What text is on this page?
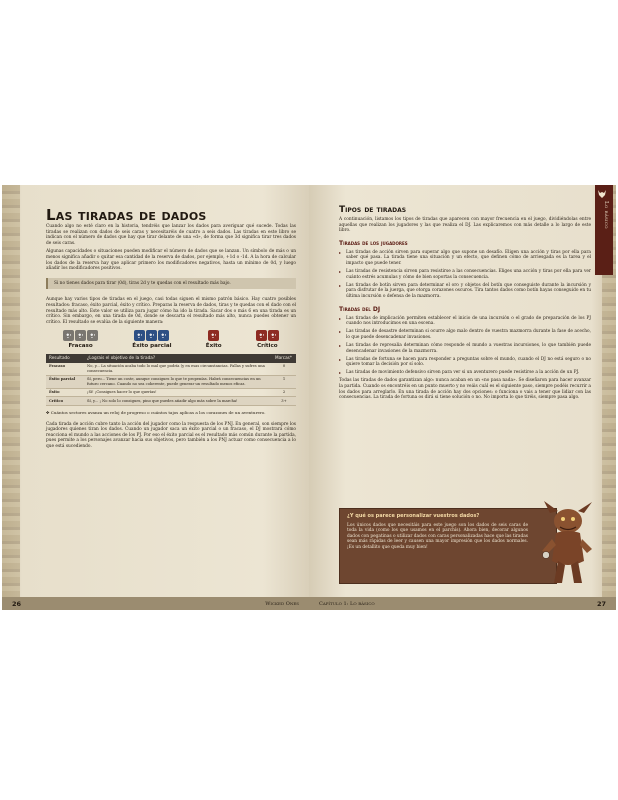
Las tiradas de dados

Cuando algo no esté claro en la historia, tendréis que lanzar los dados para averiguar qué sucede. Todas las tiradas se realizan con dados de seis caras y necesitaréis de cuatro a seis dados. Las tiradas en este libro se indican con el número de dados que hay que tirar delante de una «d», de forma que 3d significa tirar tres dados de seis caras.

Algunas capacidades o situaciones pueden modificar el número de dados que se lanzan. Un símbolo de más o un menos significa añadir o quitar esa cantidad de la reserva de dados, por ejemplo, +1d o -1d. A la hora de calcular los dados de la reserva hay que aplicar primero los modificadores negativos, hasta un mínimo de 0d, y luego añadir los modificadores positivos.

Si no tienes dados para tirar (0d), tiras 2d y te quedas con el resultado más bajo.

Aunque hay varios tipos de tiradas en el juego, casi todas siguen el mismo patrón básico. Hay cuatro posibles resultados: fracaso, éxito parcial, éxito y crítico. Preparas la reserva de dados, tiras y te quedas con el dado con el resultado más alto. Este valor se utiliza para jugar cómo ha ido la tirada. Sacar dos o más 6 en una tirada es un crítico. Sin embargo, en una tirada de 0d, donde se descarta el resultado más alto, nunca puedes obtener un crítico. El resultado se evalúa de la siguiente manera:

Fracaso	Éxito parcial	Éxito	Crítico
Resultado	¿Lograis el objetivo de la tirada?	Marcas*
Fracaso	No, y... La situación acaba todo lo mal que podría (y en esas circunstancias. Fallas y sufres una consecuencia.	0
Éxito parcial	Sí, pero... Tiene un coste, aunque consigues lo que te propenías. Habrá consecuencias en un futuro cercano. Cuando no sea coherente, puede generar un resultado menos eficaz.	1
Éxito	¡Sí! ¡Consigues hacer lo que querías!	2
Crítico	Sí, y... ¡ No solo lo consigues, pino que puedes añadir algo más sobre la marcha!	3+
✤ Cuántos sectores avanza un reloj de progreso o cuántos tajos aplicas a los corazones de un aventurero.

Cada tirada de acción cubre tanto la acción del jugador como la respuesta de los PNJ. En general, son siempre los jugadores quienes tiran los dados. Cuando un jugador saca un éxito parcial o un fracaso, el DJ mostrará cómo reacciona el mundo a las acciones de los PJ. Por eso el éxito parcial es el resultado más común durante la partida, pues permite a los personajes avanzar hacia sus objetivos, pero también a los PNJ actuar como consecuencia a lo que está sucediendo.

26	Wicked Ones
Lo básico
Tipos de tiradas

A continuación, listamos los tipos de tiradas que aparecen con mayor frecuencia en el juego, dividiéndolas entre aquellas que realizan los jugadores y las que realiza el DJ. Las explicaremos con más detalle a lo largo de este libro.

Tiradas de los jugadores
▸ Las tiradas de acción sirven para superar algo que supone un desafío. Eligen una acción y tiras por ella para saber qué pasa. La tirada tiene una situación y un efecto, que definen cómo de arriesgada es la tarea y el impacto que puede tener.
▸ Las tiradas de resistencia sirven para resistirse a las consecuencias. Eliges una acción y tiras por ella para ver cuánto estrés acumulas y cómo de bien soportas la consecuencia.
▸ Las tiradas de botín sirven para determinar el oro y objetos del botín que conseguiste durante la incursión y para disfrutar de la juerga, que otorga corazones oscuros. Tira tantos dados como botín hayas conseguido en tu última incursión o defensa de la mazmorra.
Tiradas del DJ
▸ Las tiradas de implicación permiten establecer el inicio de una incursión o el grado de preparación de los PJ cuando nos introducimos en una escena.
▸ Las tiradas de desastre determinan si ocurre algo malo dentro de vuestra mazmorra durante la fase de acecho, lo que puede desencadenar invasiones.
▸ Las tiradas de represalia determinan cómo responde el mundo a vuestras incursiones, lo que también puede desencadenar invasiones de la mazmorra.
▸ Las tiradas de fortuna se hacen para responder a preguntas sobre el mundo, cuando el DJ no está seguro o no quiere tomar la decisión por sí solo.
▸ Las tiradas de movimiento defensivo sirven para ver si un aventurero puede resistirse a la acción de un PJ.

Todas las tiradas de dados garantizan algo: nunca acaban en un «no pasa nada». Se diseñaron para hacer avanzar la partida. Cuando os encontréis en un punto muerto y no veáis cuál es el siguiente paso, siempre podéis recurrir a los dados para arreglarlo. En una tirada de acción hay dos opciones: o funciona o vais a tener que lidiar con las consecuencias. La tirada de fortuna os dirá si tiene solución o no. No importa lo que tiréis, siempre pasa algo.

¿Y qué os parece personalizar vuestros dados?

Los únicos dados que necesitáis para este juego son los dados de seis caras de toda la vida (como los que usamos en el parchís). Ahora bien, decorar algunos dados con pegatinas o utilizar dados con caras personalizadas hace que las tiradas sean más rápidas de leer y causen una mayor impresión que los dados normales. ¡Es un detallito que queda muy bien!

Capítulo 1: Lo básico	27
